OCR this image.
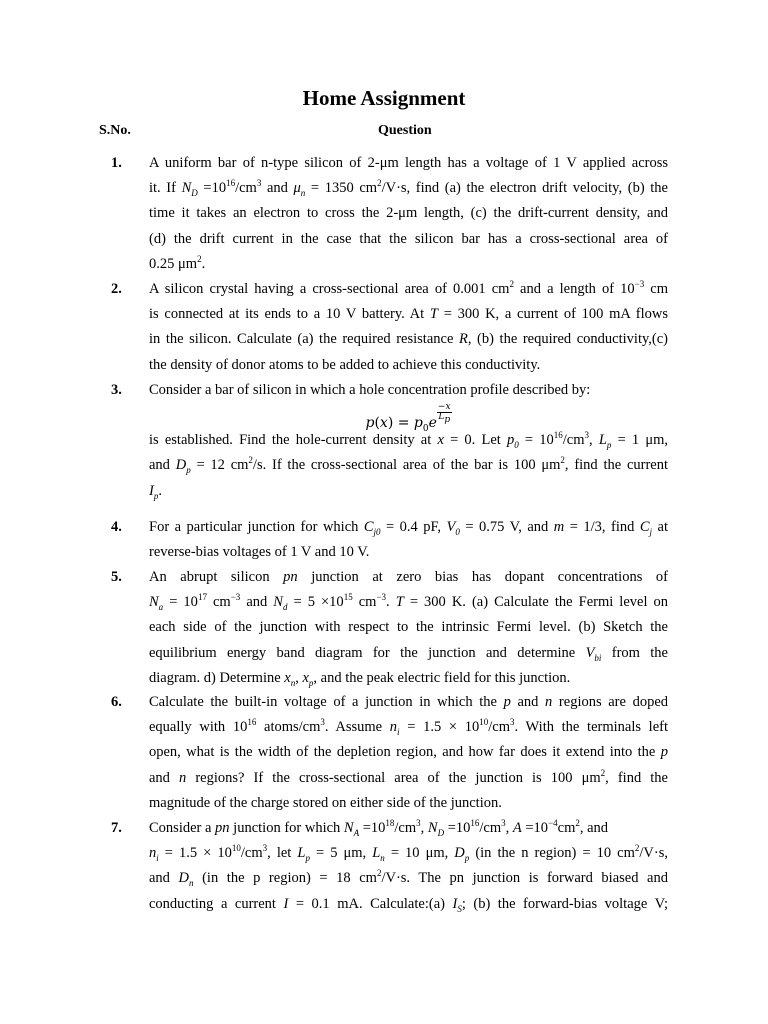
Home Assignment
S.No.	Question
1. A uniform bar of n-type silicon of 2-μm length has a voltage of 1 V applied across
it. If $N_D =10^{16}/cm^3$ and $\mu_n = 1350$ $cm^2/V\cdot s$, find (a) the electron drift velocity, (b) the
time it takes an electron to cross the 2-μm length, (c) the drift-current density, and
(d) the drift current in the case that the silicon bar has a cross-sectional area of
0.25 $\mu m^2$.
2. A silicon crystal having a cross-sectional area of 0.001 $cm^2$ and a length of $10^{-3}$ cm
is connected at its ends to a 10 V battery. At T = 300 K, a current of 100 mA flows
in the silicon. Calculate (a) the required resistance R, (b) the required conductivity,(c)
the density of donor atoms to be added to achieve this conductivity.
3. Consider a bar of silicon in which a hole concentration profile described by:
$p(x) = p_0e$
$\frac{-x}{L_p}$
is established. Find the hole-current density at x = 0. Let $p_0 = 10^{16}/cm^3$, $L_p = 1$ μm,
and $D_p = 12$ $cm^2/s$. If the cross-sectional area of the bar is 100 $\mu m^2$, find the current
$I_p$.
4. For a particular junction for which $C_{j0} = 0.4$ pF, $V_0 = 0.75$ V, and m = 1/3, find $C_j$ at
reverse-bias voltages of 1 V and 10 V.
5. An abrupt silicon pn junction at zero bias has dopant concentrations of
$N_a = 10^{17}$ $cm^{-3}$ and $N_d = 5 \times 10^{15}$ $cm^{-3}$. T = 300 K. (a) Calculate the Fermi level on
each side of the junction with respect to the intrinsic Fermi level. (b) Sketch the
equilibrium energy band diagram for the junction and determine $V_{bi}$ from the
diagram. d) Determine $x_n$, $x_p$, and the peak electric field for this junction.
6. Calculate the built-in voltage of a junction in which the p and n regions are doped
equally with $10^{16}$ atoms/$cm^3$. Assume $n_i = 1.5 \times 10^{10}/cm^3$. With the terminals left
open, what is the width of the depletion region, and how far does it extend into the p
and n regions? If the cross-sectional area of the junction is 100 $\mu m^2$, find the
magnitude of the charge stored on either side of the junction.
7. Consider a pn junction for which $N_A =10^{18}/cm^3$, $N_D =10^{16}/cm^3$, $A =10^{-4}cm^2$, and
$n_i = 1.5 \times 10^{10}/cm^3$, let $L_p = 5$ μm, $L_n = 10$ μm, $D_p$ (in the n region) = 10 $cm^2/V\cdot s$,
and $D_n$ (in the p region) = 18 $cm^2/V\cdot s$. The pn junction is forward biased and
conducting a current I = 0.1 mA. Calculate:(a) $I_S$; (b) the forward-bias voltage V;
